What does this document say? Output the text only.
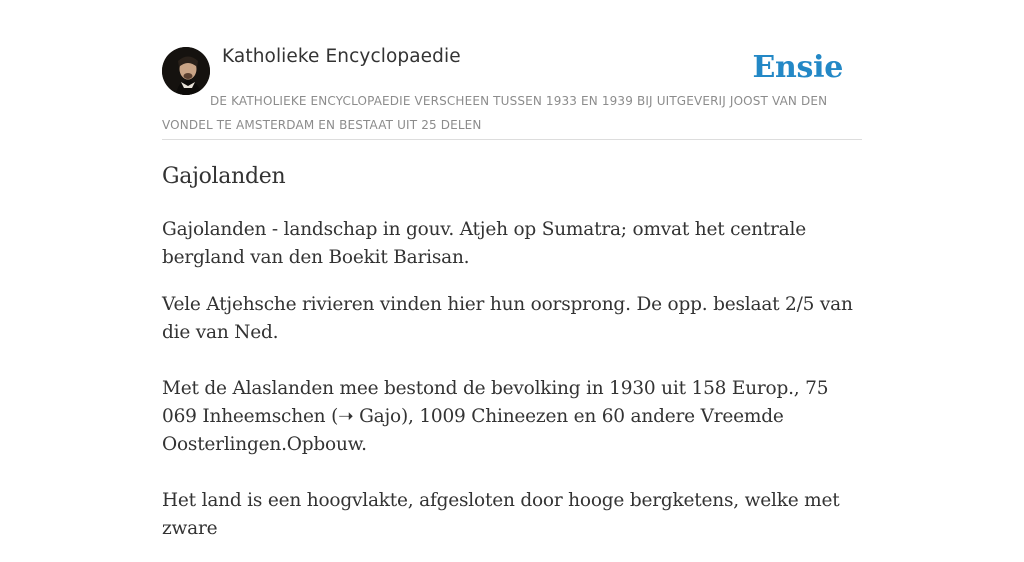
Katholieke Encyclopaedie	Ensie

DE KATHOLIEKE ENCYCLOPAEDIE VERSCHEEN TUSSEN 1933 EN 1939 BIJ UITGEVERIJ JOOST VAN DEN VONDEL TE AMSTERDAM EN BESTAAT UIT 25 DELEN

Gajolanden

Gajolanden - landschap in gouv. Atjeh op Sumatra; omvat het centrale bergland van den Boekit Barisan.

Vele Atjehsche rivieren vinden hier hun oorsprong. De opp. beslaat 2/5 van die van Ned.

Met de Alaslanden mee bestond de bevolking in 1930 uit 158 Europ., 75 069 Inheemschen (➝ Gajo), 1009 Chineezen en 60 andere Vreemde Oosterlingen.Opbouw.

Het land is een hoogvlakte, afgesloten door hooge bergketens, welke met zware
